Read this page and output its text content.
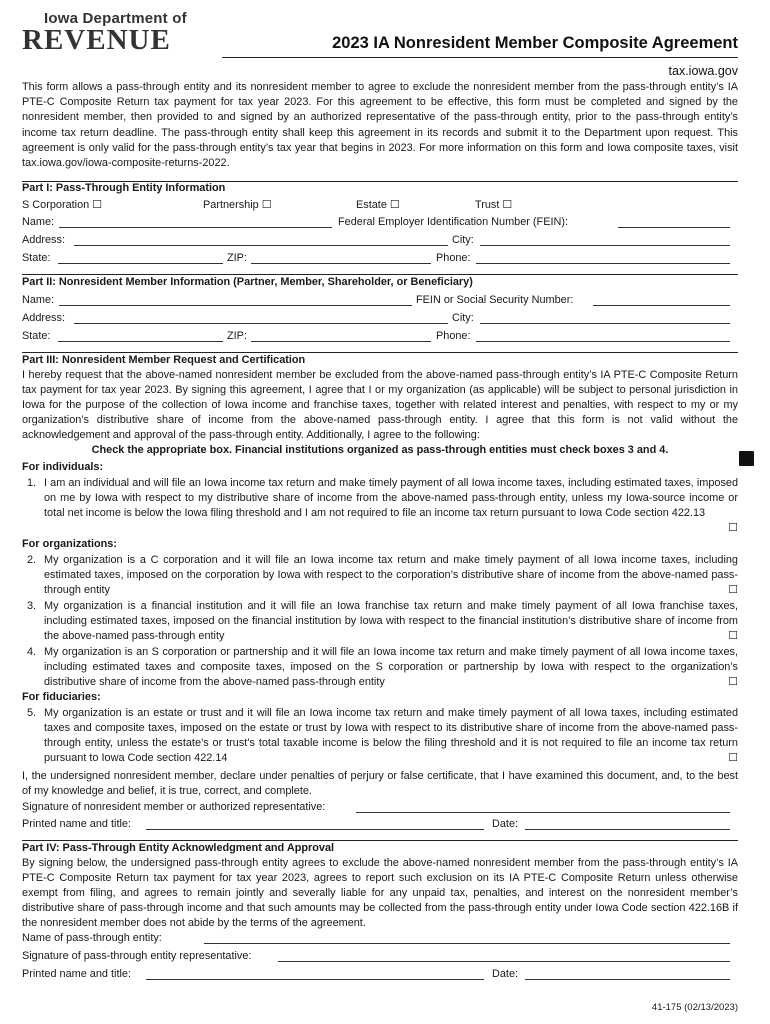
Iowa Department of
REVENUE	2023 IA Nonresident Member Composite Agreement
tax.iowa.gov
This form allows a pass-through entity and its nonresident member to agree to exclude the nonresident member from the pass-through entity’s IA PTE-C Composite Return tax payment for tax year 2023. For this agreement to be effective, this form must be completed and signed by the nonresident member, then provided to and signed by an authorized representative of the pass-through entity, prior to the pass-through entity’s income tax return deadline. The pass-through entity shall keep this agreement in its records and submit it to the Department upon request. This agreement is only valid for the pass-through entity’s tax year that begins in 2023. For more information on this form and Iowa composite taxes, visit tax.iowa.gov/iowa-composite-returns-2022.
Part I: Pass-Through Entity Information
S Corporation ☐	Partnership ☐	Estate ☐	Trust ☐
Name:	Federal Employer Identification Number (FEIN):
Address:	City:
State:	ZIP:	Phone:
Part II: Nonresident Member Information (Partner, Member, Shareholder, or Beneficiary)
Name:	FEIN or Social Security Number:
Address:	City:
State:	ZIP:	Phone:
Part III: Nonresident Member Request and Certification
I hereby request that the above-named nonresident member be excluded from the above-named pass-through entity’s IA PTE-C Composite Return tax payment for tax year 2023. By signing this agreement, I agree that I or my organization (as applicable) will be subject to personal jurisdiction in Iowa for the purpose of the collection of Iowa income and franchise taxes, together with related interest and penalties, with respect to my or my organization’s distributive share of income from the above-named pass-through entity. I agree that this form is not valid without the acknowledgement and approval of the pass-through entity. Additionally, I agree to the following:
Check the appropriate box. Financial institutions organized as pass-through entities must check boxes 3 and 4.
For individuals:
1. I am an individual and will file an Iowa income tax return and make timely payment of all Iowa income taxes, including estimated taxes, imposed on me by Iowa with respect to my distributive share of income from the above-named pass-through entity, unless my Iowa-source income or total net income is below the Iowa filing threshold and I am not required to file an income tax return pursuant to Iowa Code section 422.13
☐
For organizations:
2. My organization is a C corporation and it will file an Iowa income tax return and make timely payment of all Iowa income taxes, including estimated taxes, imposed on the corporation by Iowa with respect to the corporation’s distributive share of income from the above-named pass-through entity	☐
3. My organization is a financial institution and it will file an Iowa franchise tax return and make timely payment of all Iowa franchise taxes, including estimated taxes, imposed on the financial institution by Iowa with respect to the financial institution’s distributive share of income from the above-named pass-through entity	☐
4. My organization is an S corporation or partnership and it will file an Iowa income tax return and make timely payment of all Iowa income taxes, including estimated taxes and composite taxes, imposed on the S corporation or partnership by Iowa with respect to the organization’s distributive share of income from the above-named pass-through entity	☐
For fiduciaries:
5. My organization is an estate or trust and it will file an Iowa income tax return and make timely payment of all Iowa taxes, including estimated taxes and composite taxes, imposed on the estate or trust by Iowa with respect to its distributive share of income from the above-named pass-through entity, unless the estate’s or trust’s total taxable income is below the filing threshold and it is not required to file an income tax return pursuant to Iowa Code section 422.14	☐
I, the undersigned nonresident member, declare under penalties of perjury or false certificate, that I have examined this document, and, to the best of my knowledge and belief, it is true, correct, and complete.
Signature of nonresident member or authorized representative:
Printed name and title:	Date:
Part IV: Pass-Through Entity Acknowledgment and Approval
By signing below, the undersigned pass-through entity agrees to exclude the above-named nonresident member from the pass-through entity’s IA PTE-C Composite Return tax payment for tax year 2023, agrees to report such exclusion on its IA PTE-C Composite Return unless otherwise exempt from filing, and agrees to remain jointly and severally liable for any unpaid tax, penalties, and interest on the nonresident member’s distributive share of pass-through income and that such amounts may be collected from the pass-through entity under Iowa Code section 422.16B if the nonresident member does not abide by the terms of the agreement.
Name of pass-through entity:
Signature of pass-through entity representative:
Printed name and title:	Date:
41-175 (02/13/2023)
